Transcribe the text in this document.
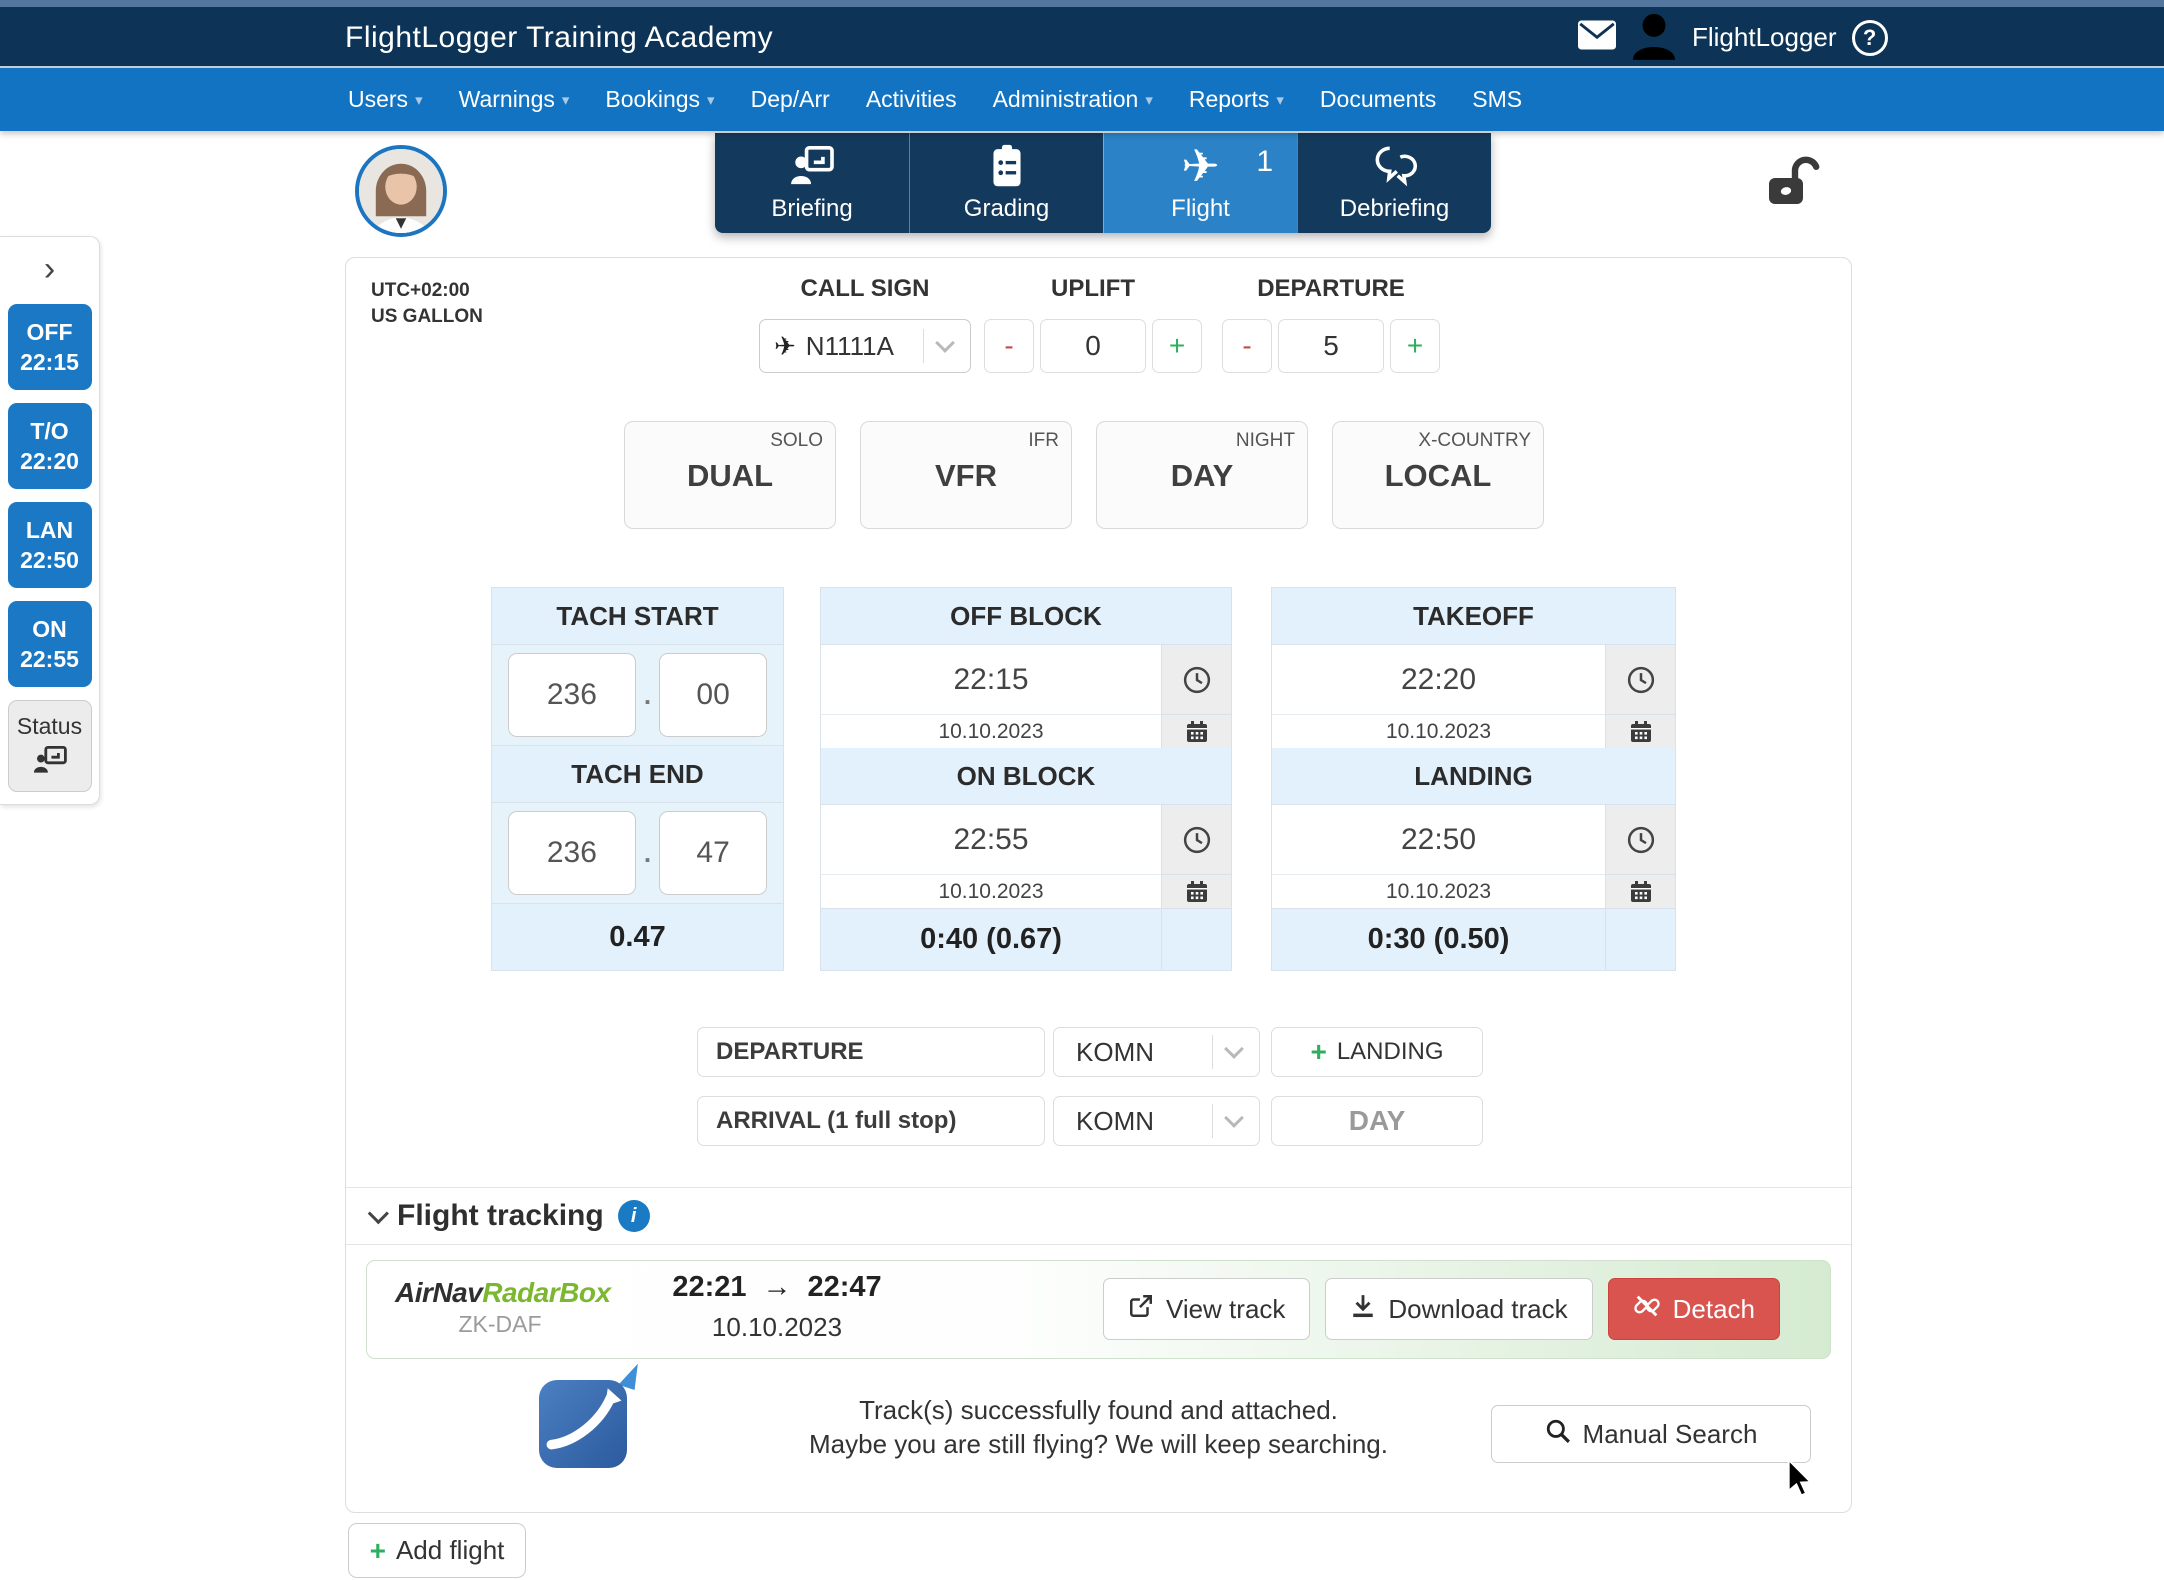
FlightLogger Training Academy	FlightLogger	?
Users ▾ Warnings ▾ Bookings ▾ Dep/Arr Activities Administration ▾ Reports ▾ Documents SMS
Briefing	Grading
1
✈
Flight	Debriefing
›
OFF
22:15
T/O
22:20
LAN
22:50
ON
22:55
Status
UTC+02:00
US GALLON
CALL SIGN
✈ N1111A
UPLIFT
-	0	+
DEPARTURE
-	5	+
SOLO
DUAL
IFR
VFR
NIGHT
DAY
X-COUNTRY
LOCAL
TACH START
236	.	00
TACH END
236	.	47
0.47
OFF BLOCK
22:15
10.10.2023
ON BLOCK
22:55
10.10.2023
0:40 (0.67)
TAKEOFF
22:20
10.10.2023
LANDING
22:50
10.10.2023
0:30 (0.50)
DEPARTURE	KOMN	+ LANDING
ARRIVAL (1 full stop)	KOMN	DAY
Flight tracking	i
AirNavRadarBox
ZK-DAF
22:21 → 22:47
10.10.2023
View track	Download track	Detach
Track(s) successfully found and attached.
Maybe you are still flying? We will keep searching.	Manual Search
+ Add flight
